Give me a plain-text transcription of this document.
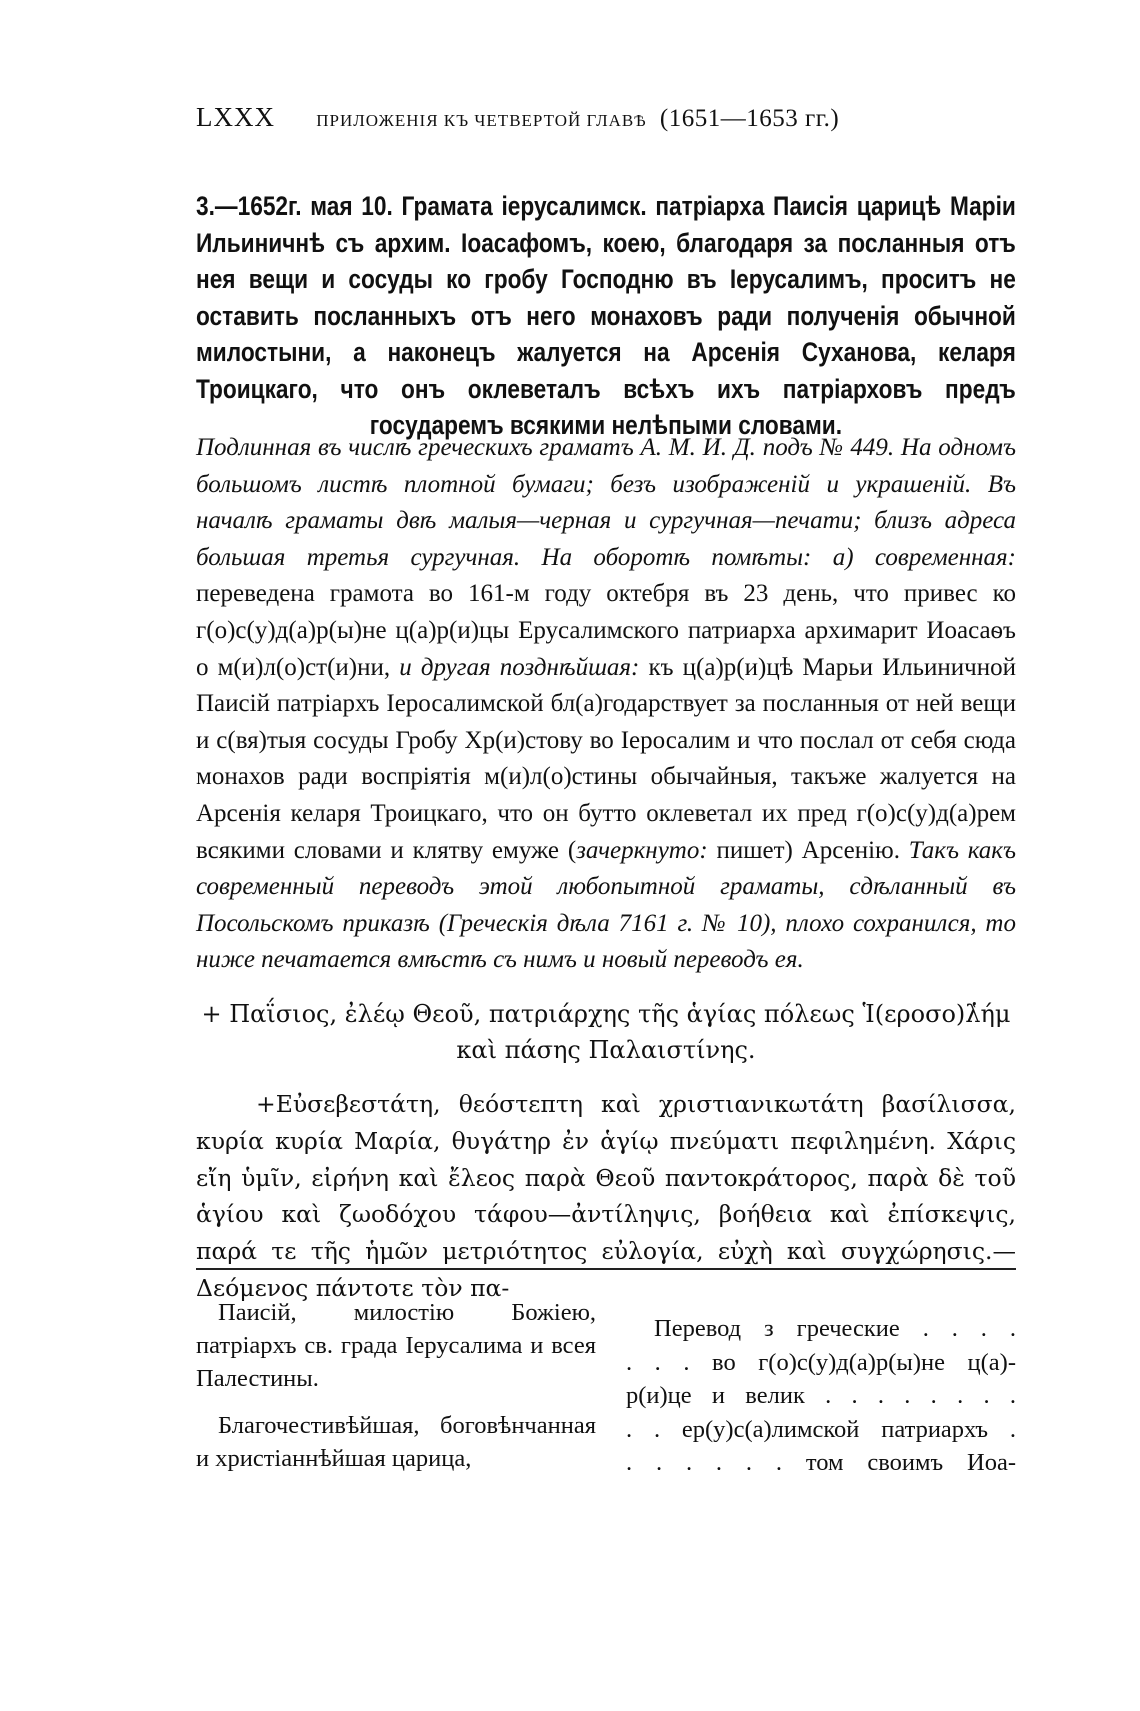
LXXX ПРИЛОЖЕНІЯ КЪ ЧЕТВЕРТОЙ ГЛАВѢ (1651—1653 гг.)
3.—1652г. мая 10. Грамата іерусалимск. патріарха Паисія царицѣ Маріи Ильиничнѣ съ архим. Іоасафомъ, коею, благодаря за посланныя отъ нея вещи и сосуды ко гробу Господню въ Іерусалимъ, проситъ не оставить посланныхъ отъ него монаховъ ради полученія обычной милостыни, а наконецъ жалуется на Арсенія Суханова, келаря Троицкаго, что онъ оклеветалъ всѣхъ ихъ патріарховъ предъ государемъ всякими нелѣпыми словами.
Подлинная въ числѣ греческихъ граматъ А. М. И. Д. подъ № 449. На одномъ большомъ листѣ плотной бумаги; безъ изображеній и украшеній. Въ началѣ граматы двѣ малыя—черная и сургучная—печати; близъ адреса большая третья сургучная. На оборотѣ помѣты: а) современная: переведена грамота во 161-м году октебря въ 23 день, что привес ко г(о)с(у)д(а)р(ы)не ц(а)р(и)цы Ерусалимского патриарха архимарит Иоасаѳъ о м(и)л(о)ст(и)ни, и другая позднѣйшая: къ ц(а)р(и)цѣ Марьи Ильиничной Паисій патріархъ Іеросалимской бл(а)годарствует за посланныя от ней вещи и с(вя)тыя сосуды Гробу Хр(и)стову во Іеросалим и что послал от себя сюда монахов ради воспріятія м(и)л(о)стины обычайныя, такъже жалуется на Арсенія келаря Троицкаго, что он бутто оклеветал их пред г(о)с(у)д(а)рем всякими словами и клятву емуже (зачеркнуто: пишет) Арсенію. Такъ какъ современный переводъ этой любопытной граматы, сдѣланный въ Посольскомъ приказѣ (Греческія дѣла 7161 г. № 10), плохо сохранился, то ниже печатается вмѣстѣ съ нимъ и новый переводъ ея.
+ Παΐσιος, ἐλέῳ Θεοῦ, πατριάρχης τῆς ἁγίας πόλεως Ἱ(εροσο)λ̔ήμ καὶ πάσης Παλαιστίνης.
+Εὐσεβεστάτη, θεόστεπτη καὶ χριστιανικωτάτη βασίλισσα, κυρία κυρία Μαρία, θυγάτηρ ἐν ἁγίῳ πνεύματι πεφιλημένη. Χάρις εἴη ὑμῖν, εἰρήνη καὶ ἔλεος παρὰ Θεοῦ παντοκράτορος, παρὰ δὲ τοῦ ἁγίου καὶ ζωοδόχου τάφου—ἀντίληψις, βοήθεια καὶ ἐπίσκεψις, παρά τε τῆς ἡμῶν μετριότητος εὐλογία, εὐχὴ καὶ συγχώρησις.—Δεόμενος πάντοτε τὸν πα-

Паисій, милостію Божіею, патріархъ св. града Іерусалима и всея Палестины.

Благочестивѣйшая, боговѣнчанная и христіаннѣйшая царица,

Перевод з греческие . . . .
. . . во г(о)с(у)д(а)р(ы)не ц(а)-
р(и)це и велик . . . . . . . .
. . ер(у)с(а)лимской патриархъ .
. . . . . . том своимъ Иоа-
